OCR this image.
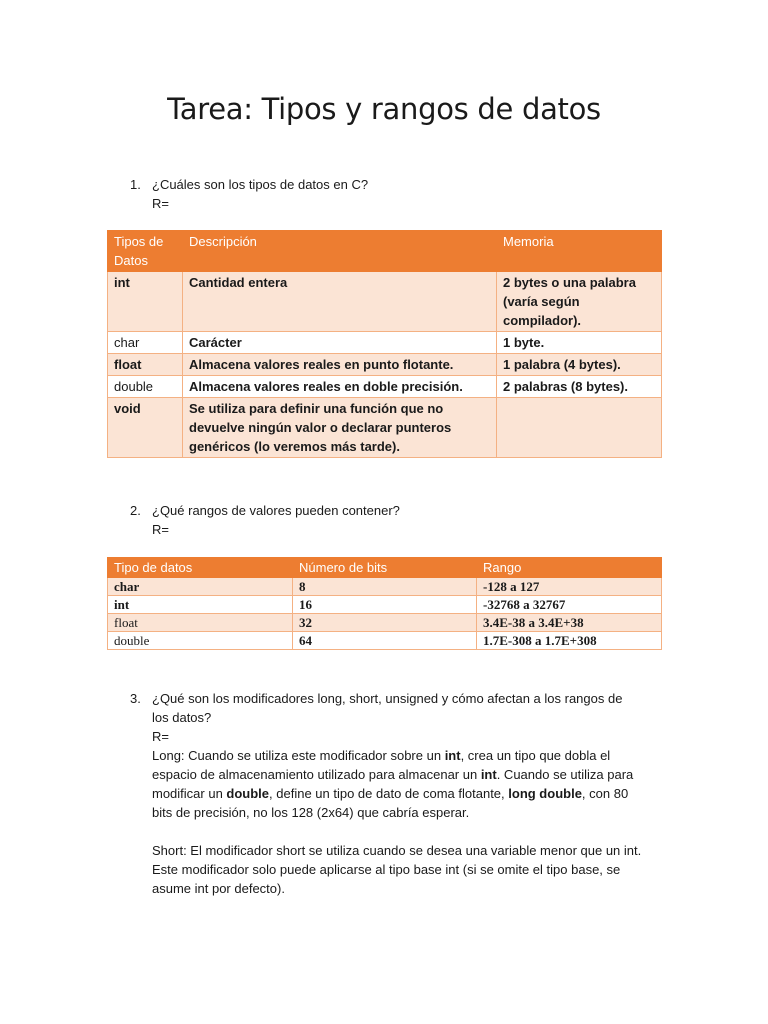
Tarea: Tipos y rangos de datos
1. ¿Cuáles son los tipos de datos en C?
R=
Tipos de Datos	Descripción	Memoria
int	Cantidad entera	2 bytes o una palabra (varía según compilador).
char	Carácter	1 byte.
float	Almacena valores reales en punto flotante.	1 palabra (4 bytes).
double	Almacena valores reales en doble precisión.	2 palabras (8 bytes).
void	Se utiliza para definir una función que no devuelve ningún valor o declarar punteros genéricos (lo veremos más tarde).	
2. ¿Qué rangos de valores pueden contener?
R=
Tipo de datos	Número de bits	Rango
char	8	-128 a 127
int	16	-32768 a 32767
float	32	3.4E-38 a 3.4E+38
double	64	1.7E-308 a 1.7E+308
3. ¿Qué son los modificadores long, short, unsigned y cómo afectan a los rangos de
los datos?
R=
Long: Cuando se utiliza este modificador sobre un int, crea un tipo que dobla el espacio de almacenamiento utilizado para almacenar un int. Cuando se utiliza para modificar un double, define un tipo de dato de coma flotante, long double, con 80 bits de precisión, no los 128 (2x64) que cabría esperar.
Short: El modificador short se utiliza cuando se desea una variable menor que un int. Este modificador solo puede aplicarse al tipo base int (si se omite el tipo base, se asume int por defecto).
